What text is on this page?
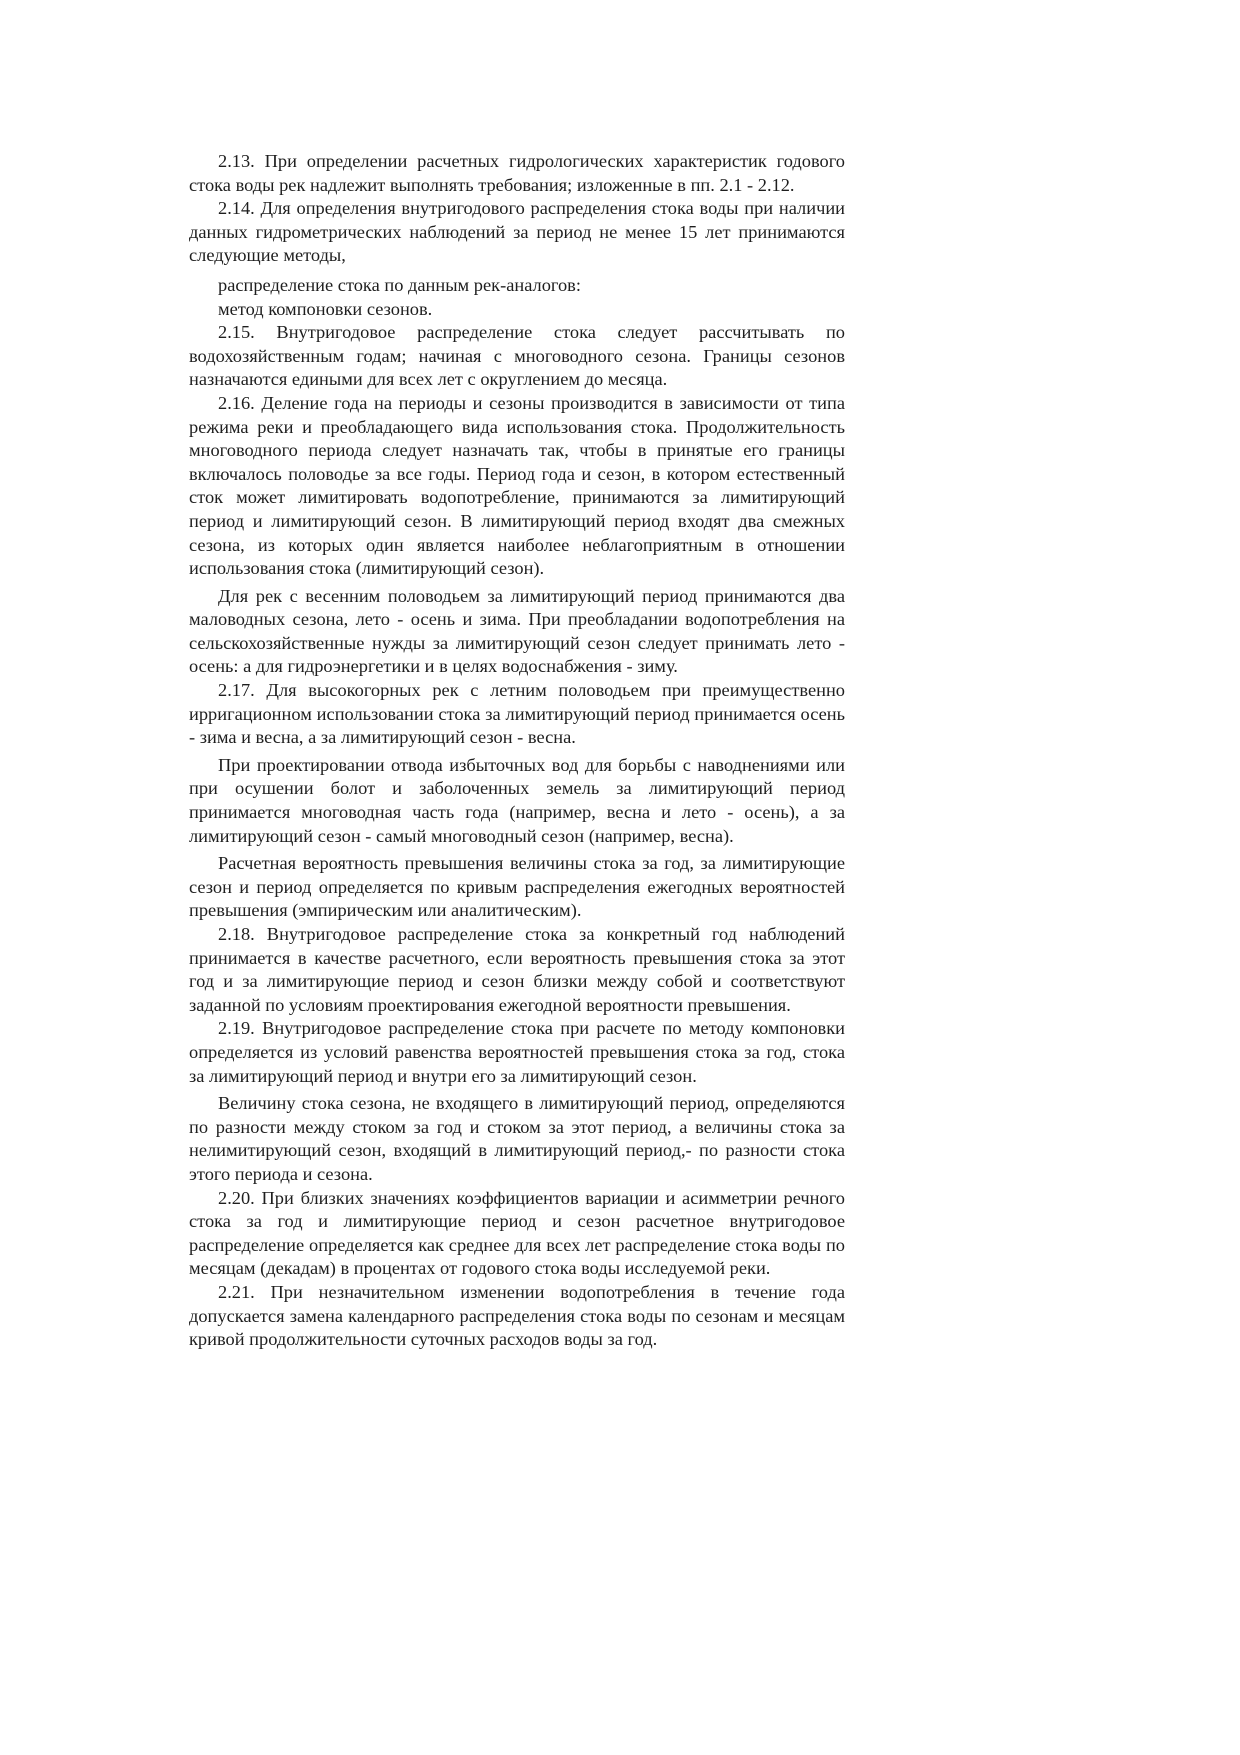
2.13. При определении расчетных гидрологических характеристик годового стока воды рек надлежит выполнять требования; изложенные в пп. 2.1 - 2.12.

2.14. Для определения внутригодового распределения стока воды при наличии данных гидрометрических наблюдений за период не менее 15 лет принимаются следующие методы,

распределение стока по данным рек-аналогов:

метод компоновки сезонов.

2.15. Внутригодовое распределение стока следует рассчитывать по водохозяйственным годам; начиная с многоводного сезона. Границы сезонов назначаются едиными для всех лет с округлением до месяца.

2.16. Деление года на периоды и сезоны производится в зависимости от типа режима реки и преобладающего вида использования стока. Продолжительность многоводного периода следует назначать так, чтобы в принятые его границы включалось половодье за все годы. Период года и сезон, в котором естественный сток может лимитировать водопотребление, принимаются за лимитирующий период и лимитирующий сезон. В лимитирующий период входят два смежных сезона, из которых один является наиболее неблагоприятным в отношении использования стока (лимитирующий сезон).

Для рек с весенним половодьем за лимитирующий период принимаются два маловодных сезона, лето - осень и зима. При преобладании водопотребления на сельскохозяйственные нужды за лимитирующий сезон следует принимать лето - осень: а для гидроэнергетики и в целях водоснабжения - зиму.

2.17. Для высокогорных рек с летним половодьем при преимущественно ирригационном использовании стока за лимитирующий период принимается осень - зима и весна, а за лимитирующий сезон - весна.

При проектировании отвода избыточных вод для борьбы с наводнениями или при осушении болот и заболоченных земель за лимитирующий период принимается многоводная часть года (например, весна и лето - осень), а за лимитирующий сезон - самый многоводный сезон (например, весна).

Расчетная вероятность превышения величины стока за год, за лимитирующие сезон и период определяется по кривым распределения ежегодных вероятностей превышения (эмпирическим или аналитическим).

2.18. Внутригодовое распределение стока за конкретный год наблюдений принимается в качестве расчетного, если вероятность превышения стока за этот год и за лимитирующие период и сезон близки между собой и соответствуют заданной по условиям проектирования ежегодной вероятности превышения.

2.19. Внутригодовое распределение стока при расчете по методу компоновки определяется из условий равенства вероятностей превышения стока за год, стока за лимитирующий период и внутри его за лимитирующий сезон.

Величину стока сезона, не входящего в лимитирующий период, определяются по разности между стоком за год и стоком за этот период, а величины стока за нелимитирующий сезон, входящий в лимитирующий период,- по разности стока этого периода и сезона.

2.20. При близких значениях коэффициентов вариации и асимметрии речного стока за год и лимитирующие период и сезон расчетное внутригодовое распределение определяется как среднее для всех лет распределение стока воды по месяцам (декадам) в процентах от годового стока воды исследуемой реки.

2.21. При незначительном изменении водопотребления в течение года допускается замена календарного распределения стока воды по сезонам и месяцам кривой продолжительности суточных расходов воды за год.
